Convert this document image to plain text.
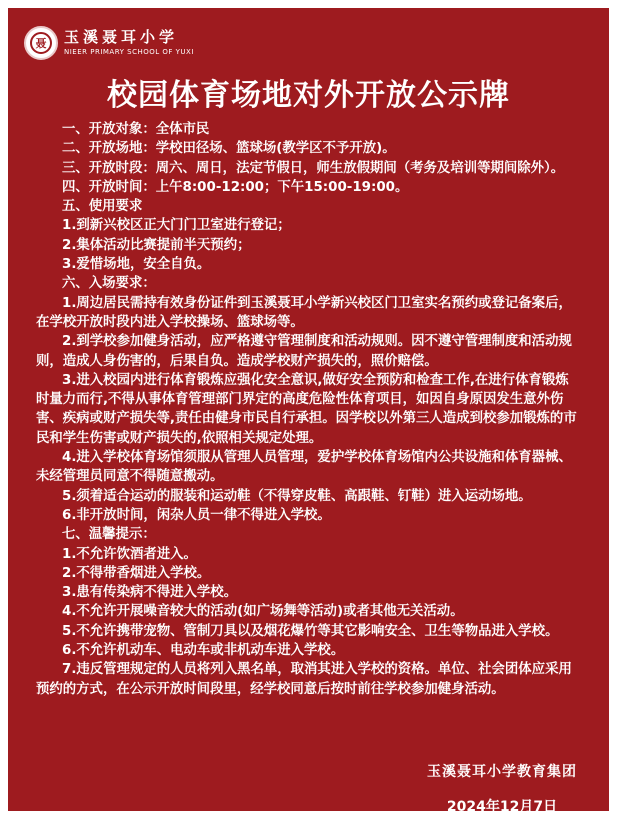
聂	玉溪聂耳小学
NIEER PRIMARY SCHOOL OF YUXI
校园体育场地对外开放公示牌

一、开放对象：全体市民

二、开放场地：学校田径场、篮球场(教学区不予开放)。

三、开放时段：周六、周日，法定节假日，师生放假期间（考务及培训等期间除外）。

四、开放时间：上午8:00-12:00；下午15:00-19:00。

五、使用要求

1.到新兴校区正大门门卫室进行登记；

2.集体活动比赛提前半天预约；

3.爱惜场地，安全自负。

六、入场要求：

1.周边居民需持有效身份证件到玉溪聂耳小学新兴校区门卫室实名预约或登记备案后，在学校开放时段内进入学校操场、篮球场等。

2.到学校参加健身活动，应严格遵守管理制度和活动规则。因不遵守管理制度和活动规则，造成人身伤害的，后果自负。造成学校财产损失的，照价赔偿。

3.进入校园内进行体育锻炼应强化安全意识,做好安全预防和检查工作,在进行体育锻炼时量力而行,不得从事体育管理部门界定的高度危险性体育项目，如因自身原因发生意外伤害、疾病或财产损失等,责任由健身市民自行承担。因学校以外第三人造成到校参加锻炼的市民和学生伤害或财产损失的,依照相关规定处理。

4.进入学校体育场馆须服从管理人员管理，爱护学校体育场馆内公共设施和体育器械、未经管理员同意不得随意搬动。

5.须着适合运动的服装和运动鞋（不得穿皮鞋、高跟鞋、钉鞋）进入运动场地。

6.非开放时间，闲杂人员一律不得进入学校。

七、温馨提示：

1.不允许饮酒者进入。

2.不得带香烟进入学校。

3.患有传染病不得进入学校。

4.不允许开展噪音较大的活动(如广场舞等活动)或者其他无关活动。

5.不允许携带宠物、管制刀具以及烟花爆竹等其它影响安全、卫生等物品进入学校。

6.不允许机动车、电动车或非机动车进入学校。

7.违反管理规定的人员将列入黑名单，取消其进入学校的资格。单位、社会团体应采用预约的方式，在公示开放时间段里，经学校同意后按时前往学校参加健身活动。

玉溪聂耳小学教育集团
2024年12月7日
